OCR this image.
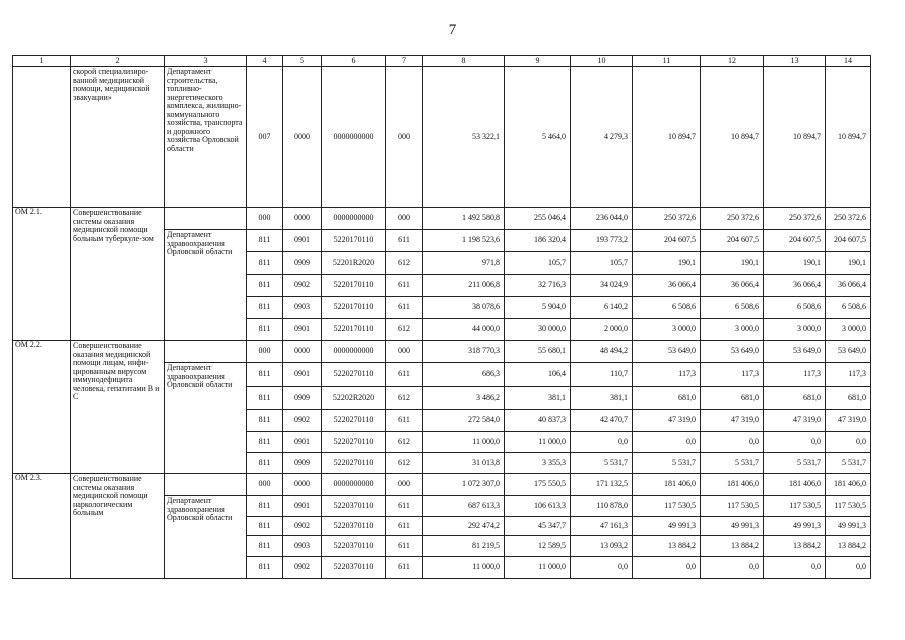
7
1	2	3	4	5	6	7	8	9	10	11	12	13	14
	скорой специализиро-ванной медицинской помощи, медицинской эвакуации»	Департамент строительства, топливно-энергетического комплекса, жилищно-коммунального хозяйства, транспорта и дорожного хозяйства Орловской области	007	0000	0000000000	000	53 322,1	5 464,0	4 279,3	10 894,7	10 894,7	10 894,7	10 894,7
ОМ 2.1.	Совершенствование системы оказания медицинской помощи больным туберкуле-зом		000	0000	0000000000	000	1 492 580,8	255 046,4	236 044,0	250 372,6	250 372,6	250 372,6	250 372,6
		Департамент здравоохранения Орловской области	811	0901	5220170110	611	1 198 523,6	186 320,4	193 773,2	204 607,5	204 607,5	204 607,5	204 607,5
			811	0909	52201R2020	612	971,8	105,7	105,7	190,1	190,1	190,1	190,1
			811	0902	5220170110	611	211 006,8	32 716,3	34 024,9	36 066,4	36 066,4	36 066,4	36 066,4
			811	0903	5220170110	611	38 078,6	5 904,0	6 140,2	6 508,6	6 508,6	6 508,6	6 508,6
			811	0901	5220170110	612	44 000,0	30 000,0	2 000,0	3 000,0	3 000,0	3 000,0	3 000,0
ОМ 2.2.	Совершенствование оказания медицинской помощи лицам, инфи-цированным вирусом иммунодефицита человека, гепатитами В и С		000	0000	0000000000	000	318 770,3	55 680,1	48 494,2	53 649,0	53 649,0	53 649,0	53 649,0
		Департамент здравоохранения Орловской области	811	0901	5220270110	611	686,3	106,4	110,7	117,3	117,3	117,3	117,3
			811	0909	52202R2020	612	3 486,2	381,1	381,1	681,0	681,0	681,0	681,0
			811	0902	5220270110	611	272 584,0	40 837,3	42 470,7	47 319,0	47 319,0	47 319,0	47 319,0
			811	0901	5220270110	612	11 000,0	11 000,0	0,0	0,0	0,0	0,0	0,0
			811	0909	5220270110	612	31 013,8	3 355,3	5 531,7	5 531,7	5 531,7	5 531,7	5 531,7
ОМ 2.3.	Совершенствование системы оказания медицинской помощи наркологическим больным		000	0000	0000000000	000	1 072 307,0	175 550,5	171 132,5	181 406,0	181 406,0	181 406,0	181 406,0
		Департамент здравоохранения Орловской области	811	0901	5220370110	611	687 613,3	106 613,3	110 878,0	117 530,5	117 530,5	117 530,5	117 530,5
			811	0902	5220370110	611	292 474,2	45 347,7	47 161,3	49 991,3	49 991,3	49 991,3	49 991,3
			811	0903	5220370110	611	81 219,5	12 589,5	13 093,2	13 884,2	13 884,2	13 884,2	13 884,2
			811	0902	5220370110	611	11 000,0	11 000,0	0,0	0,0	0,0	0,0	0,0
